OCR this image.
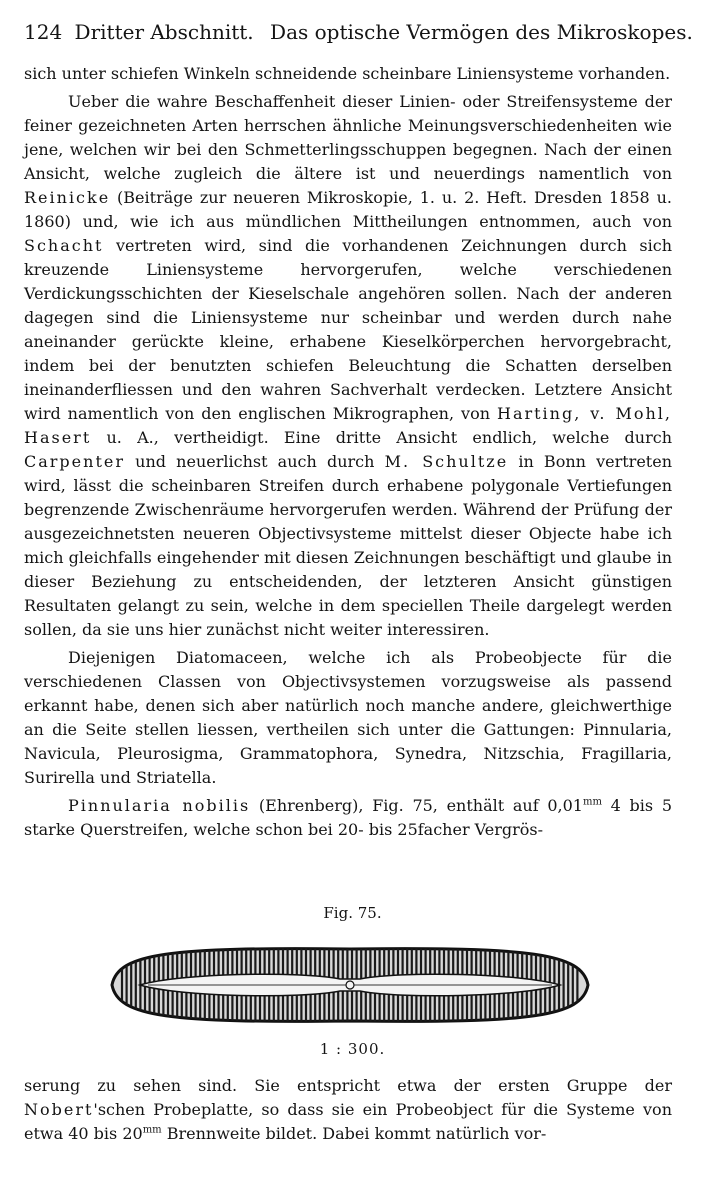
124 Dritter Abschnitt. Das optische Vermögen des Mikroskopes.

sich unter schiefen Winkeln schneidende scheinbare Liniensysteme vorhanden.

Ueber die wahre Beschaffenheit dieser Linien- oder Streifensysteme der feiner gezeichneten Arten herrschen ähnliche Meinungsverschiedenheiten wie jene, welchen wir bei den Schmetterlingsschuppen begegnen. Nach der einen Ansicht, welche zugleich die ältere ist und neuerdings namentlich von Reinicke (Beiträge zur neueren Mikroskopie, 1. u. 2. Heft. Dresden 1858 u. 1860) und, wie ich aus mündlichen Mittheilungen entnommen, auch von Schacht vertreten wird, sind die vorhandenen Zeichnungen durch sich kreuzende Liniensysteme hervorgerufen, welche verschiedenen Verdickungsschichten der Kieselschale angehören sollen. Nach der anderen dagegen sind die Liniensysteme nur scheinbar und werden durch nahe aneinander gerückte kleine, erhabene Kieselkörperchen hervorgebracht, indem bei der benutzten schiefen Beleuchtung die Schatten derselben ineinanderfliessen und den wahren Sachverhalt verdecken. Letztere Ansicht wird namentlich von den englischen Mikrographen, von Harting, v. Mohl, Hasert u. A., vertheidigt. Eine dritte Ansicht endlich, welche durch Carpenter und neuerlichst auch durch M. Schultze in Bonn vertreten wird, lässt die scheinbaren Streifen durch erhabene polygonale Vertiefungen begrenzende Zwischenräume hervorgerufen werden. Während der Prüfung der ausgezeichnetsten neueren Objectivsysteme mittelst dieser Objecte habe ich mich gleichfalls eingehender mit diesen Zeichnungen beschäftigt und glaube in dieser Beziehung zu entscheidenden, der letzteren Ansicht günstigen Resultaten gelangt zu sein, welche in dem speciellen Theile dargelegt werden sollen, da sie uns hier zunächst nicht weiter interessiren.

Diejenigen Diatomaceen, welche ich als Probeobjecte für die verschiedenen Classen von Objectivsystemen vorzugsweise als passend erkannt habe, denen sich aber natürlich noch manche andere, gleichwerthige an die Seite stellen liessen, vertheilen sich unter die Gattungen: Pinnularia, Navicula, Pleurosigma, Grammatophora, Synedra, Nitzschia, Fragillaria, Surirella und Striatella.

Pinnularia nobilis (Ehrenberg), Fig. 75, enthält auf $0,01^{mm}$ 4 bis 5 starke Querstreifen, welche schon bei 20- bis 25facher Vergrös-

Fig. 75.
1 : 300.

serung zu sehen sind. Sie entspricht etwa der ersten Gruppe der Nobert'schen Probeplatte, so dass sie ein Probeobject für die Systeme von etwa 40 bis $20^{mm}$ Brennweite bildet. Dabei kommt natürlich vor-
